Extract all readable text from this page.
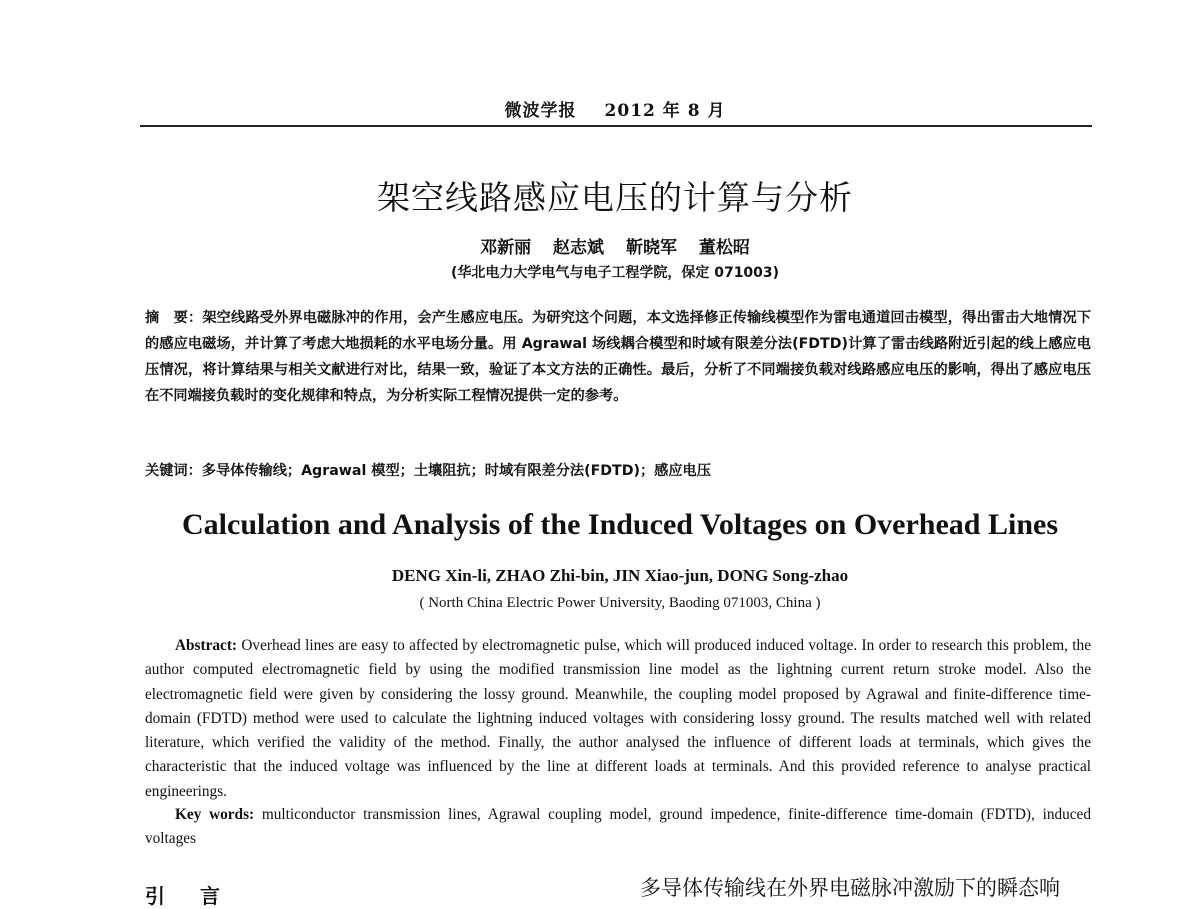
微波学报 2012 年 8 月
架空线路感应电压的计算与分析
邓新丽 赵志斌 靳晓军 董松昭
(华北电力大学电气与电子工程学院，保定 071003)
摘　要：架空线路受外界电磁脉冲的作用，会产生感应电压。为研究这个问题，本文选择修正传输线模型作为雷电通道回击模型，得出雷击大地情况下的感应电磁场，并计算了考虑大地损耗的水平电场分量。用 Agrawal 场线耦合模型和时域有限差分法(FDTD)计算了雷击线路附近引起的线上感应电压情况，将计算结果与相关文献进行对比，结果一致，验证了本文方法的正确性。最后，分析了不同端接负载对线路感应电压的影响，得出了感应电压在不同端接负载时的变化规律和特点，为分析实际工程情况提供一定的参考。
关键词：多导体传输线；Agrawal 模型；土壤阻抗；时域有限差分法(FDTD)；感应电压
Calculation and Analysis of the Induced Voltages on Overhead Lines
DENG Xin-li, ZHAO Zhi-bin, JIN Xiao-jun, DONG Song-zhao
( North China Electric Power University, Baoding 071003, China )
Abstract: Overhead lines are easy to affected by electromagnetic pulse, which will produced induced voltage. In order to research this problem, the author computed electromagnetic field by using the modified transmission line model as the lightning current return stroke model. Also the electromagnetic field were given by considering the lossy ground. Meanwhile, the coupling model proposed by Agrawal and finite-difference time-domain (FDTD) method were used to calculate the lightning induced voltages with considering lossy ground. The results matched well with related literature, which verified the validity of the method. Finally, the author analysed the influence of different loads at terminals, which gives the characteristic that the induced voltage was influenced by the line at different loads at terminals. And this provided reference to analyse practical engineerings.
Key words: multiconductor transmission lines, Agrawal coupling model, ground impedence, finite-difference time-domain (FDTD), induced voltages
引 言	多导体传输线在外界电磁脉冲激励下的瞬态响
